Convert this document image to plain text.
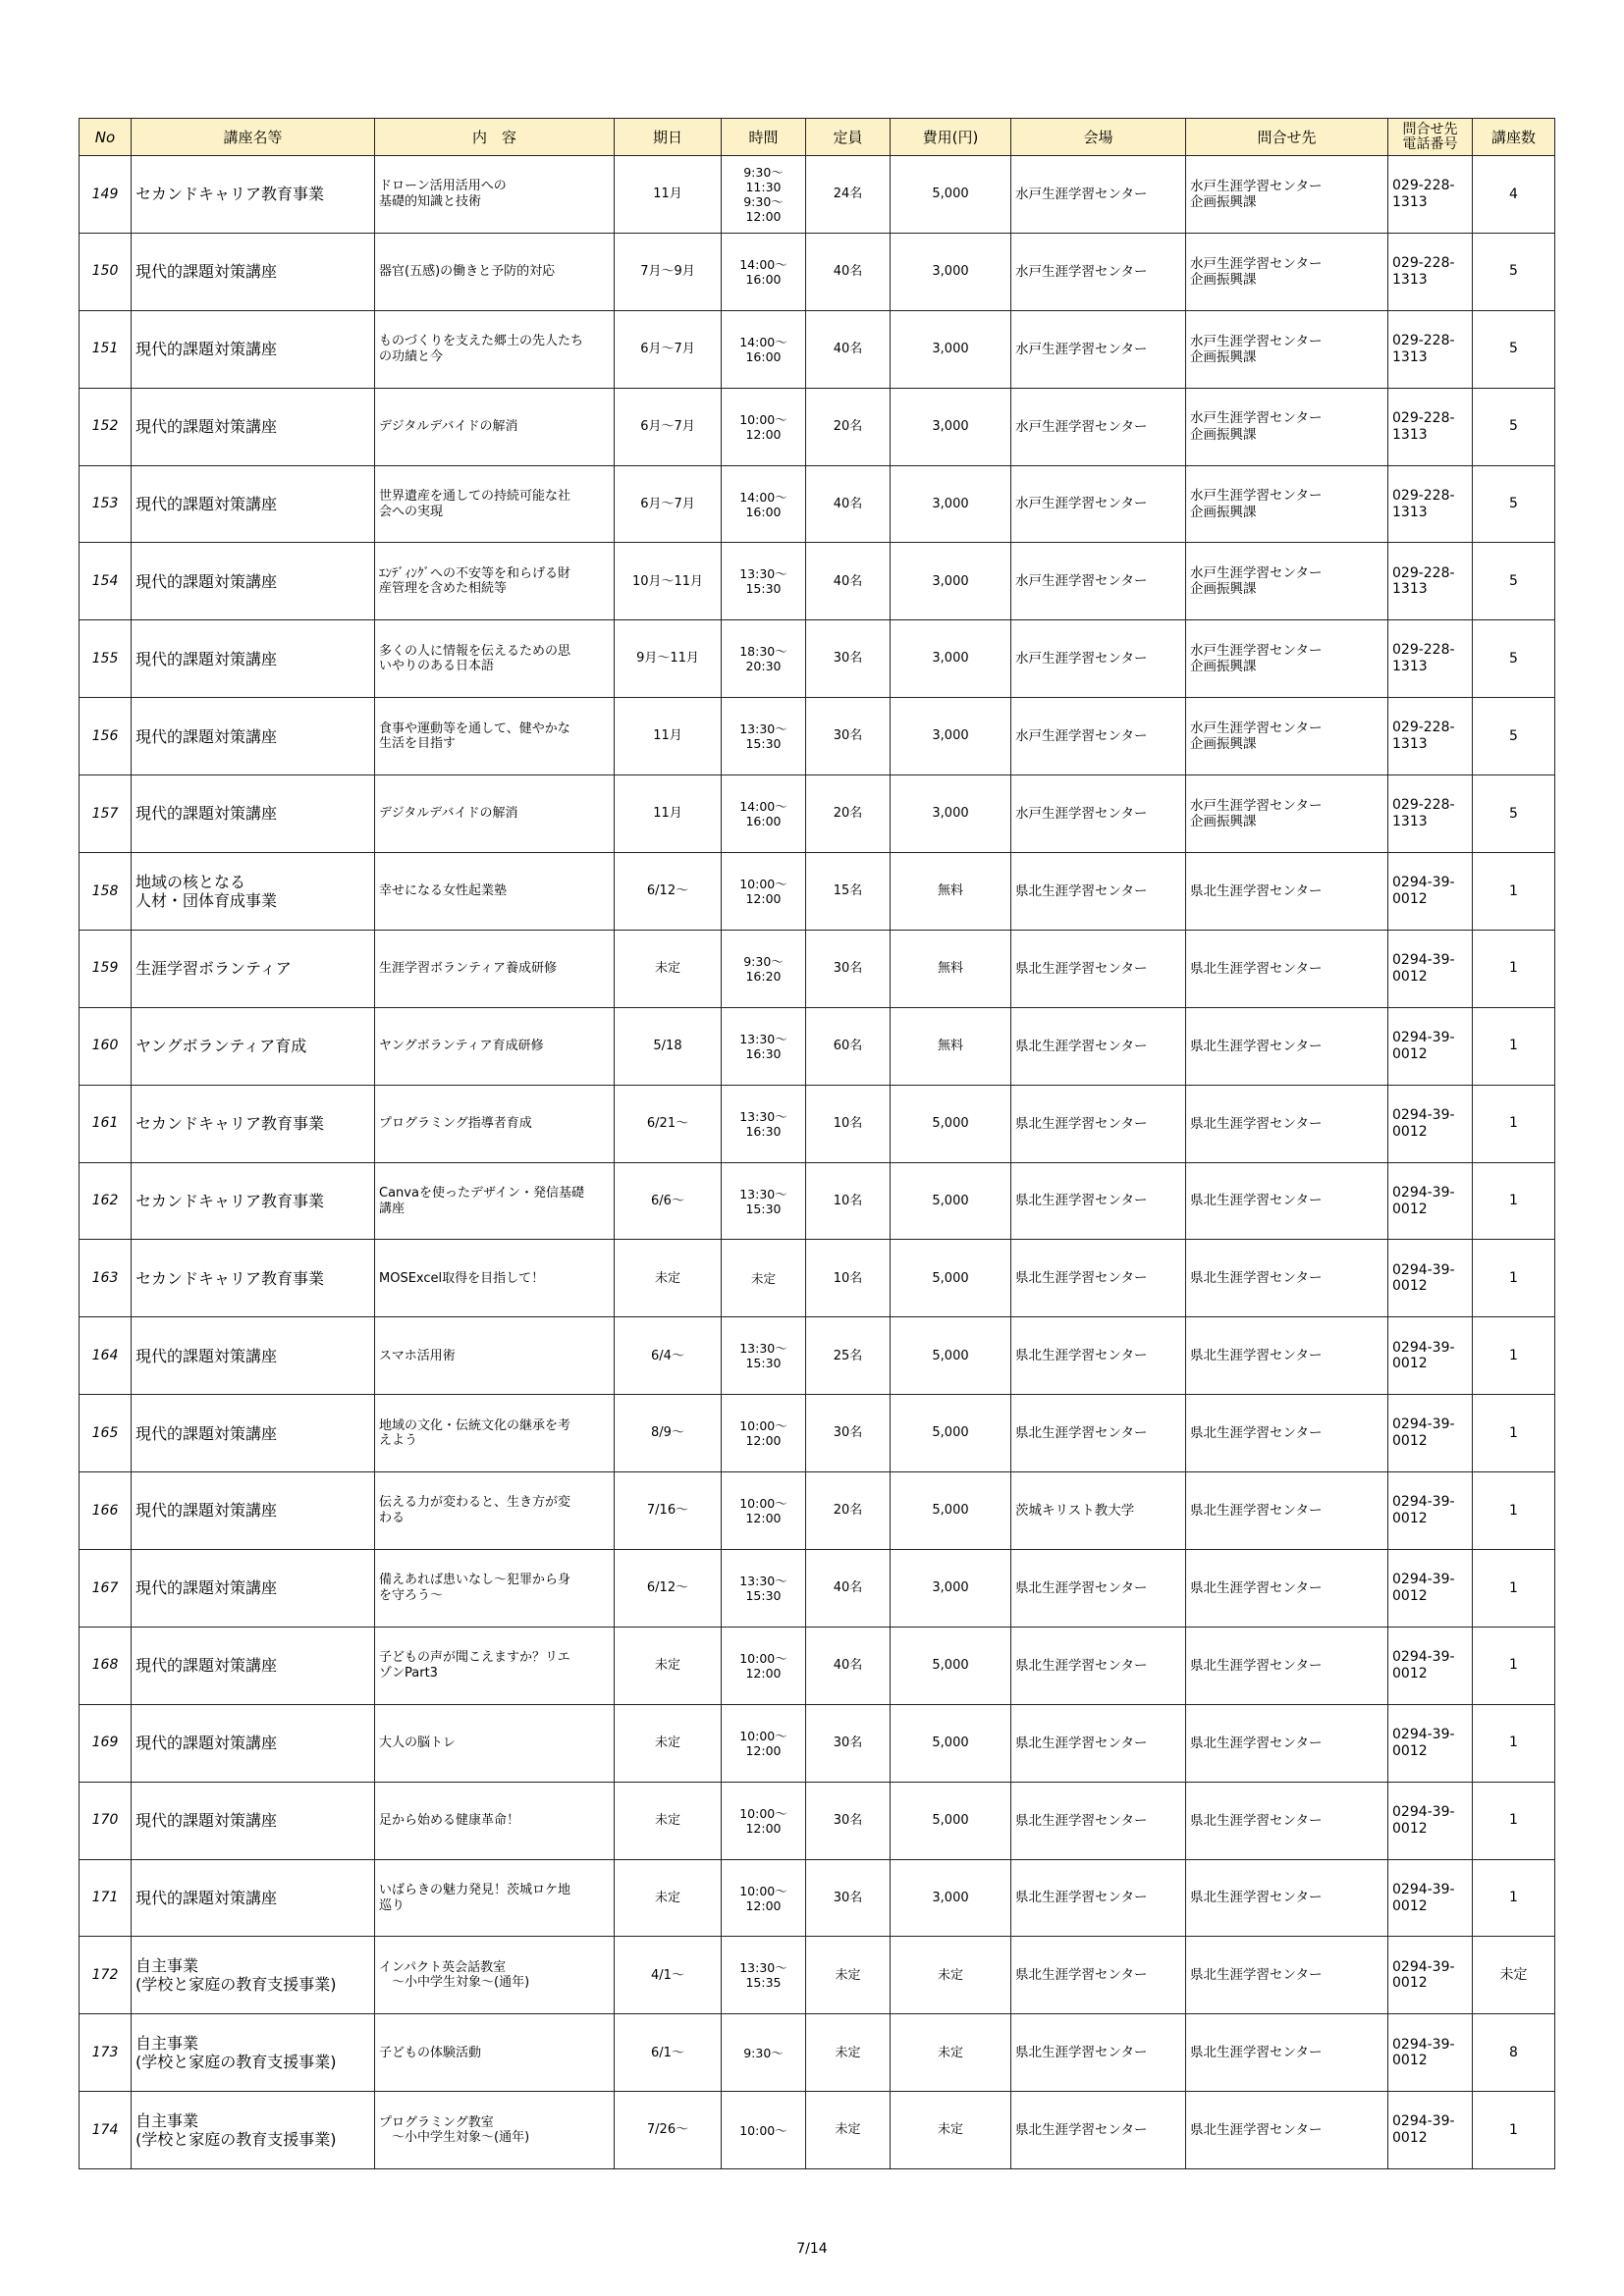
No	講座名等	内　容	期日	時間	定員	費用(円)	会場	問合せ先	問合せ先
電話番号	講座数
149	セカンドキャリア教育事業	ドローン活用活用への
基礎的知識と技術	11月	9:30～
11:30
9:30～
12:00	24名	5,000	水戸生涯学習センター	水戸生涯学習センター
企画振興課	029-228-
1313	4
150	現代的課題対策講座	器官(五感)の働きと予防的対応	7月～9月	14:00～
16:00	40名	3,000	水戸生涯学習センター	水戸生涯学習センター
企画振興課	029-228-
1313	5
151	現代的課題対策講座	ものづくりを支えた郷土の先人たち
の功績と今	6月～7月	14:00～
16:00	40名	3,000	水戸生涯学習センター	水戸生涯学習センター
企画振興課	029-228-
1313	5
152	現代的課題対策講座	デジタルデバイドの解消	6月～7月	10:00～
12:00	20名	3,000	水戸生涯学習センター	水戸生涯学習センター
企画振興課	029-228-
1313	5
153	現代的課題対策講座	世界遺産を通しての持続可能な社
会への実現	6月～7月	14:00～
16:00	40名	3,000	水戸生涯学習センター	水戸生涯学習センター
企画振興課	029-228-
1313	5
154	現代的課題対策講座	ｴﾝﾃﾞｨﾝｸﾞへの不安等を和らげる財
産管理を含めた相続等	10月～11月	13:30～
15:30	40名	3,000	水戸生涯学習センター	水戸生涯学習センター
企画振興課	029-228-
1313	5
155	現代的課題対策講座	多くの人に情報を伝えるための思
いやりのある日本語	9月～11月	18:30～
20:30	30名	3,000	水戸生涯学習センター	水戸生涯学習センター
企画振興課	029-228-
1313	5
156	現代的課題対策講座	食事や運動等を通して、健やかな
生活を目指す	11月	13:30～
15:30	30名	3,000	水戸生涯学習センター	水戸生涯学習センター
企画振興課	029-228-
1313	5
157	現代的課題対策講座	デジタルデバイドの解消	11月	14:00～
16:00	20名	3,000	水戸生涯学習センター	水戸生涯学習センター
企画振興課	029-228-
1313	5
158	地域の核となる
人材・団体育成事業	幸せになる女性起業塾	6/12～	10:00～
12:00	15名	無料	県北生涯学習センター	県北生涯学習センター	0294-39-
0012	1
159	生涯学習ボランティア	生涯学習ボランティア養成研修	未定	9:30～
16:20	30名	無料	県北生涯学習センター	県北生涯学習センター	0294-39-
0012	1
160	ヤングボランティア育成	ヤングボランティア育成研修	5/18	13:30～
16:30	60名	無料	県北生涯学習センター	県北生涯学習センター	0294-39-
0012	1
161	セカンドキャリア教育事業	プログラミング指導者育成	6/21～	13:30～
16:30	10名	5,000	県北生涯学習センター	県北生涯学習センター	0294-39-
0012	1
162	セカンドキャリア教育事業	Canvaを使ったデザイン・発信基礎
講座	6/6～	13:30～
15:30	10名	5,000	県北生涯学習センター	県北生涯学習センター	0294-39-
0012	1
163	セカンドキャリア教育事業	MOSExcel取得を目指して！	未定	未定	10名	5,000	県北生涯学習センター	県北生涯学習センター	0294-39-
0012	1
164	現代的課題対策講座	スマホ活用術	6/4～	13:30～
15:30	25名	5,000	県北生涯学習センター	県北生涯学習センター	0294-39-
0012	1
165	現代的課題対策講座	地域の文化・伝統文化の継承を考
えよう	8/9～	10:00～
12:00	30名	5,000	県北生涯学習センター	県北生涯学習センター	0294-39-
0012	1
166	現代的課題対策講座	伝える力が変わると、生き方が変
わる	7/16～	10:00～
12:00	20名	5,000	茨城キリスト教大学	県北生涯学習センター	0294-39-
0012	1
167	現代的課題対策講座	備えあれば患いなし～犯罪から身
を守ろう～	6/12～	13:30～
15:30	40名	3,000	県北生涯学習センター	県北生涯学習センター	0294-39-
0012	1
168	現代的課題対策講座	子どもの声が聞こえますか？リエ
ゾンPart3	未定	10:00～
12:00	40名	5,000	県北生涯学習センター	県北生涯学習センター	0294-39-
0012	1
169	現代的課題対策講座	大人の脳トレ	未定	10:00～
12:00	30名	5,000	県北生涯学習センター	県北生涯学習センター	0294-39-
0012	1
170	現代的課題対策講座	足から始める健康革命！	未定	10:00～
12:00	30名	5,000	県北生涯学習センター	県北生涯学習センター	0294-39-
0012	1
171	現代的課題対策講座	いばらきの魅力発見！茨城ロケ地
巡り	未定	10:00～
12:00	30名	3,000	県北生涯学習センター	県北生涯学習センター	0294-39-
0012	1
172	自主事業
(学校と家庭の教育支援事業)	インパクト英会話教室
　～小中学生対象～(通年)	4/1～	13:30～
15:35	未定	未定	県北生涯学習センター	県北生涯学習センター	0294-39-
0012	未定
173	自主事業
(学校と家庭の教育支援事業)	子どもの体験活動	6/1～	9:30～	未定	未定	県北生涯学習センター	県北生涯学習センター	0294-39-
0012	8
174	自主事業
(学校と家庭の教育支援事業)	プログラミング教室
　～小中学生対象～(通年)	7/26～	10:00～	未定	未定	県北生涯学習センター	県北生涯学習センター	0294-39-
0012	1
7/14
